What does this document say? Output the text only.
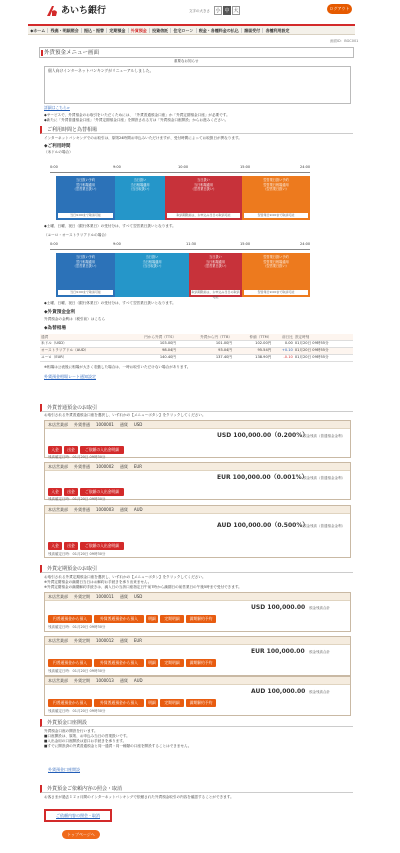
あいち銀行	文字の大きさ 小 中 大	ログアウト
◆ホーム	残高・明細照会	振込・振替	定期預金	外貨預金	投資信託	住宅ローン	税金・各種料金の払込	諸届受付	各種利用設定
画面ID：BGC001
外貨預金メニュー画面
重要なお知らせ
個人向けインターネットバンキングがリニューアルしました。
詳細はこちら>
◆サービスで、外貨預金のお取引をいただくためには、「外貨普通預金口座」か「外貨定期預金口座」が必要です。
◆新たに「外貨普通預金口座」「外貨定期預金口座」を開設される方は「外貨預金口座開設」からお進みください。
ご利用時間と為替相場
インターネットバンキングでのお取引は、原則24時間お申込みいただけますが、受付時間によってお取扱日が異なります。
◆ご利用時間
（米ドルの場合）
0:00	9:00	10:00	15:00	24:00
当日扱い予約
翌日相場適用
（翌営業日扱い）
当日9:00まで取消可能
当日扱い
当日相場適用
（当日取扱い）
当日扱い
当日相場適用
（翌営業日扱い）
取消期限前は、お申込み当日の取消可能
翌営業日扱い予約
翌営業日相場適用
（翌営業日扱い）
翌営業日9:00まで取消可能
◆土曜、日曜、祝日（銀行休業日）の受付分は、すべて翌営業日扱いとなります。
（ユーロ・オーストラリアドルの場合）
0:00	9:00	11:30	15:00	24:00
当日扱い予約
翌日相場適用
（翌営業日扱い）
当日9:00まで取消可能
当日扱い
当日相場適用
（当日取扱い）
当日扱い
当日相場適用
（翌営業日扱い）
取消期限前は、お申込み当日の取消可能
翌営業日扱い予約
翌営業日相場適用
（翌営業日扱い）
翌営業日9:00まで取消可能
◆土曜、日曜、祝日（銀行休業日）の受付分は、すべて翌営業日扱いとなります。
◆外貨預金金利
外貨預金の金利は（税引前）はこちら
◆為替相場
通貨	円から外貨（TTS）	外貨から円（TTB）	仲値（TTM）	前日比	設定時刻
米ドル（USD）	103.00円	101.00円	102.00円	0.00	01月20日 09時55分
オーストラリアドル（AUD）	98.04円	93.04円	95.54円	+0.10	01月20日 09時55分
ユーロ（EUR）	140.40円	137.40円	138.90円	-0.10	01月20日 09時55分
※相場は公表後に相場が大きく変動した場合は、一時お取引いただけない場合があります。
外貨預金相場レート通知設定
外貨普通預金のお取引
お取引される外貨普通預金口座を選択し、いずれかの【メニューボタン】をクリックしてください。
本店営業部 外貨普通 1000001 通貨 USD
USD 100,000.00（0.200%）
預金残高（普通預金金利）
入金	出金	ご依頼の入出金明細
残高確定日時：01月20日 09時30分
本店営業部 外貨普通 1000002 通貨 EUR
EUR 100,000.00（0.001%）
預金残高（普通預金金利）
入金	出金	ご依頼の入出金明細
残高確定日時：01月20日 09時30分
本店営業部 外貨普通 1000003 通貨 AUD
AUD 100,000.00（0.500%）
預金残高（普通預金金利）
入金	出金	ご依頼の入出金明細
残高確定日時：01月20日 09時30分
外貨定期預金のお取引
お取引される外貨定期預金口座を選択し、いずれかの【メニューボタン】をクリックしてください。
※外貨定期預金の満期日当日はお解約お手続きを承り出来ません。
※外貨定期預金の満期解約手続きは、満入日の当該口座指定日午前7時から満期日の前営業日の午後5時まで受付できます。
本店営業部 外貨定期 1000011 通貨 USD
USD 100,000.00 預金残高合計
円普通預金から預入	外貨普通預金から預入	明細	定期明細	満期解約予約
残高確定日時：01月20日 09時30分
本店営業部 外貨定期 1000012 通貨 EUR
EUR 100,000.00 預金残高合計
円普通預金から預入	外貨普通預金から預入	明細	定期明細	満期解約予約
残高確定日時：01月20日 09時30分
本店営業部 外貨定期 1000013 通貨 AUD
AUD 100,000.00 預金残高合計
円普通預金から預入	外貨普通預金から預入	明細	定期明細	満期解約予約
残高確定日時：01月20日 09時30分
外貨預金口座開設
外貨預金口座の開設を行います。
■口座開設は、原則、お申込み当日の営業扱いです。
■入出金用の口座開設は窓口お手続きを承ります。
■すでに開設済の外貨普通預金と同一通貨・同一種類の口座を開設することはできません。
外貨預金口座開設
外貨預金ご依頼内容の照会・取消
お客さまが過去１２ヵ月間のインターネットバンキングで依頼された外貨預金取引の内容を確認することができます。
ご依頼内容の照会・取消
トップページへ
